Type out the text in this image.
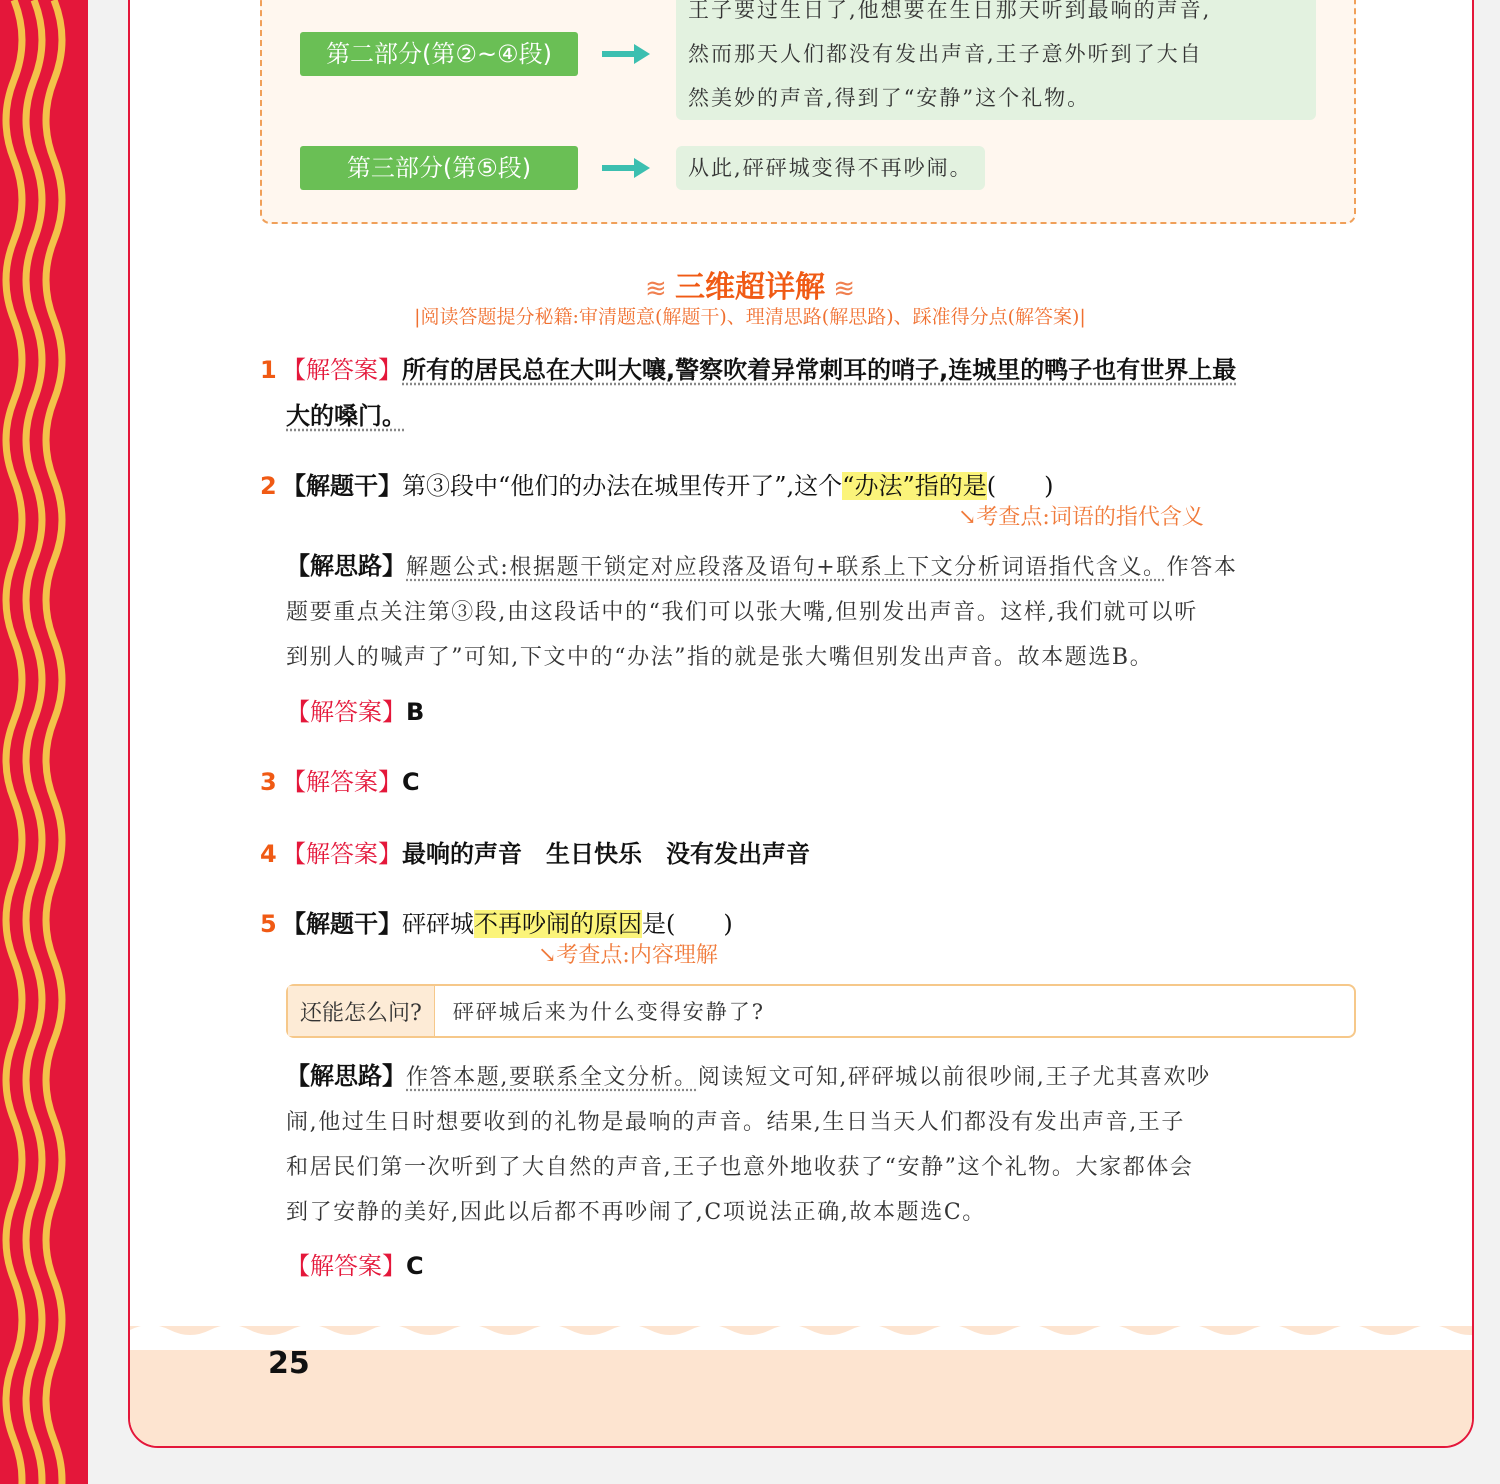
第二部分(第②~④段)
王子要过生日了,他想要在生日那天听到最响的声音,
然而那天人们都没有发出声音,王子意外听到了大自
然美妙的声音,得到了“安静”这个礼物。
第三部分(第⑤段)	从此,砰砰城变得不再吵闹。
≋ 三维超详解 ≋
|阅读答题提分秘籍:审清题意(解题干)、理清思路(解思路)、踩准得分点(解答案)|
1 【解答案】所有的居民总在大叫大嚷,警察吹着异常刺耳的哨子,连城里的鸭子也有世界上最
大的嗓门。
2 【解题干】第③段中“他们的办法在城里传开了”,这个“办法”指的是(　　)
↘考查点:词语的指代含义
【解思路】解题公式:根据题干锁定对应段落及语句+联系上下文分析词语指代含义。作答本
题要重点关注第③段,由这段话中的“我们可以张大嘴,但别发出声音。这样,我们就可以听
到别人的喊声了”可知,下文中的“办法”指的就是张大嘴但别发出声音。故本题选B。
【解答案】B
3 【解答案】C
4 【解答案】最响的声音　生日快乐　没有发出声音
5 【解题干】砰砰城不再吵闹的原因是(　　)
↘考查点:内容理解
还能怎么问?	砰砰城后来为什么变得安静了?
【解思路】作答本题,要联系全文分析。阅读短文可知,砰砰城以前很吵闹,王子尤其喜欢吵
闹,他过生日时想要收到的礼物是最响的声音。结果,生日当天人们都没有发出声音,王子
和居民们第一次听到了大自然的声音,王子也意外地收获了“安静”这个礼物。大家都体会
到了安静的美好,因此以后都不再吵闹了,C项说法正确,故本题选C。
【解答案】C
25
